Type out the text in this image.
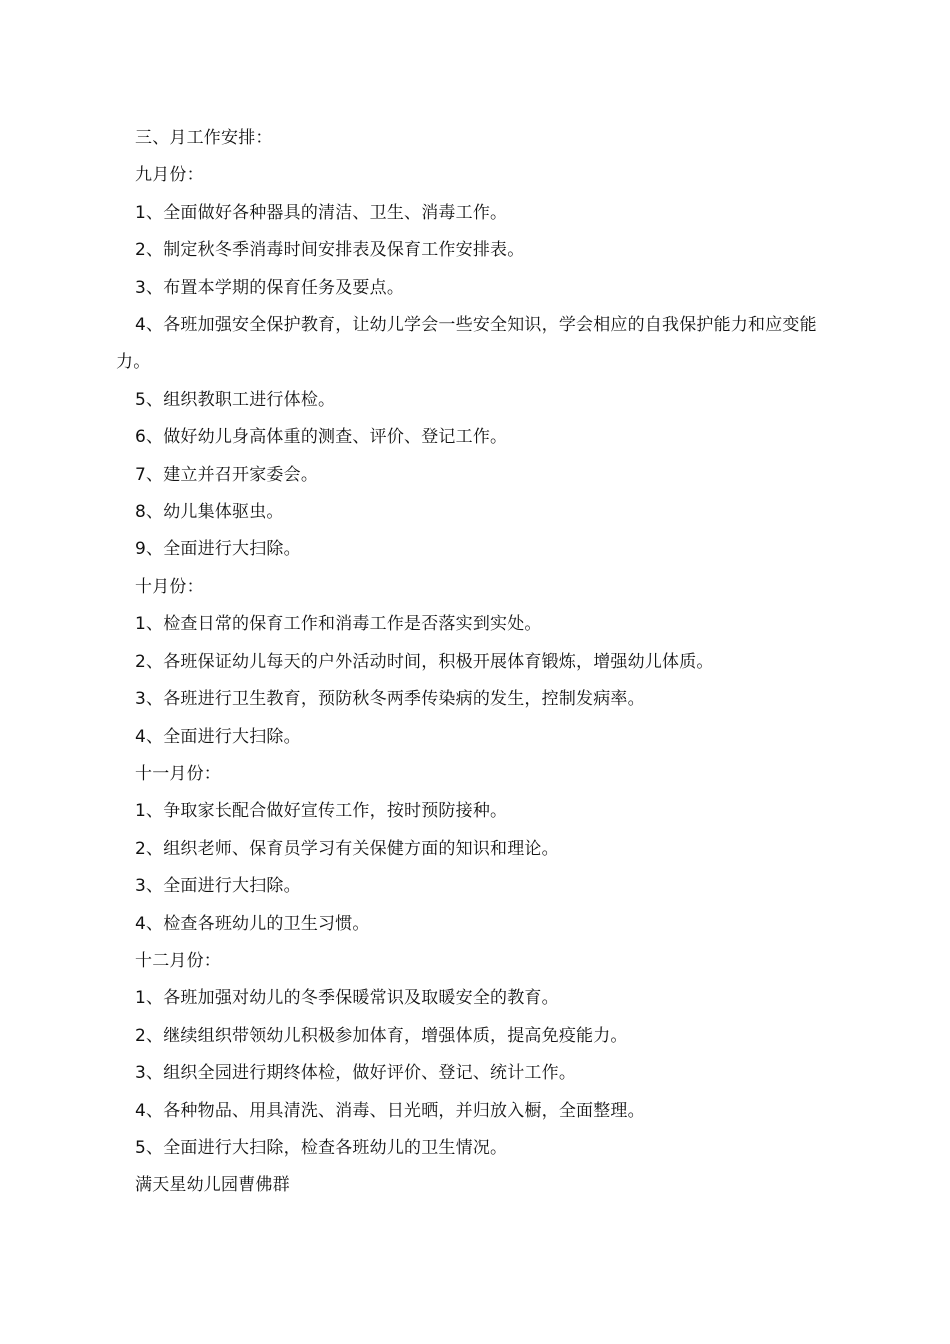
三、月工作安排：
九月份：
1、全面做好各种器具的清洁、卫生、消毒工作。
2、制定秋冬季消毒时间安排表及保育工作安排表。
3、布置本学期的保育任务及要点。
4、各班加强安全保护教育，让幼儿学会一些安全知识，学会相应的自我保护能力和应变能力。
5、组织教职工进行体检。
6、做好幼儿身高体重的测查、评价、登记工作。
7、建立并召开家委会。
8、幼儿集体驱虫。
9、全面进行大扫除。
十月份：
1、检查日常的保育工作和消毒工作是否落实到实处。
2、各班保证幼儿每天的户外活动时间，积极开展体育锻炼，增强幼儿体质。
3、各班进行卫生教育，预防秋冬两季传染病的发生，控制发病率。
4、全面进行大扫除。
十一月份：
1、争取家长配合做好宣传工作，按时预防接种。
2、组织老师、保育员学习有关保健方面的知识和理论。
3、全面进行大扫除。
4、检查各班幼儿的卫生习惯。
十二月份：
1、各班加强对幼儿的冬季保暖常识及取暖安全的教育。
2、继续组织带领幼儿积极参加体育，增强体质，提高免疫能力。
3、组织全园进行期终体检，做好评价、登记、统计工作。
4、各种物品、用具清洗、消毒、日光晒，并归放入橱，全面整理。
5、全面进行大扫除，检查各班幼儿的卫生情况。
满天星幼儿园曹佛群
